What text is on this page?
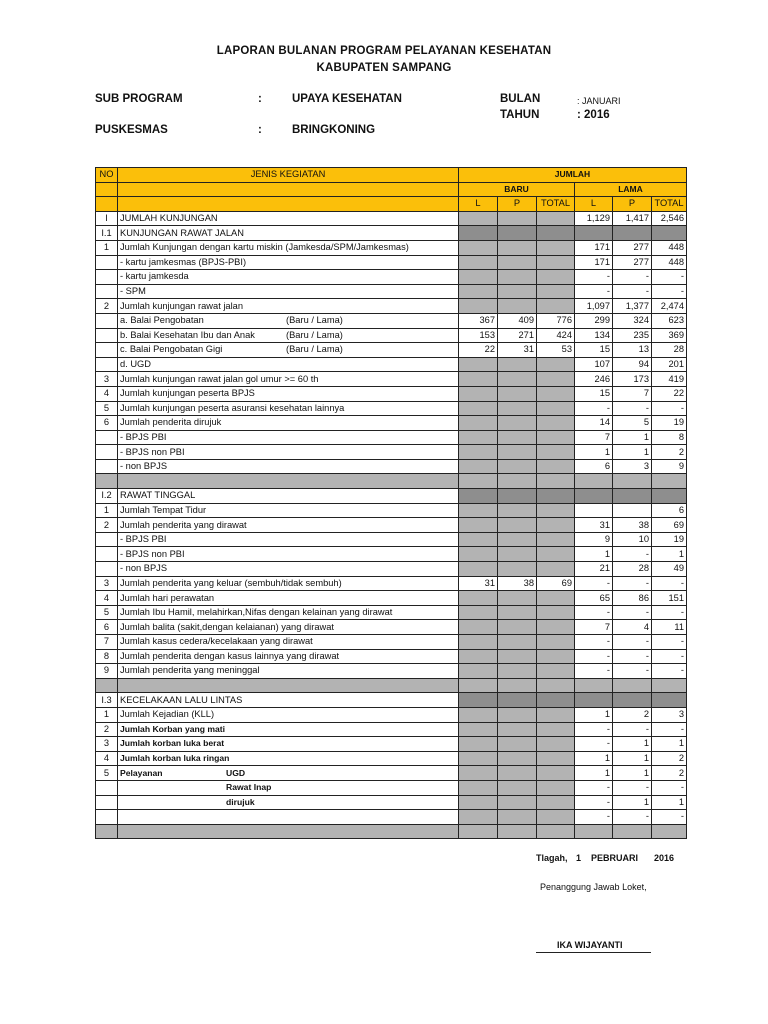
LAPORAN BULANAN PROGRAM PELAYANAN KESEHATAN
KABUPATEN SAMPANG
SUB PROGRAM	:	UPAYA KESEHATAN	BULAN	: JANUARI
TAHUN	: 2016
PUSKESMAS	:	BRINGKONING
NO	JENIS KEGIATAN	JUMLAH					
		BARU			LAMA		
		L	P	TOTAL	L	P	TOTAL
I	JUMLAH KUNJUNGAN				1,129	1,417	2,546
I.1	KUNJUNGAN RAWAT JALAN						
1	Jumlah Kunjungan dengan kartu miskin (Jamkesda/SPM/Jamkesmas)				171	277	448
	- kartu jamkesmas (BPJS-PBI)				171	277	448
	- kartu jamkesda				-	-	-
	- SPM				-	-	-
2	Jumlah kunjungan rawat jalan				1,097	1,377	2,474

	a. Balai Pengobatan (Baru / Lama)	367	409	776	299	324	623

	b. Balai Kesehatan Ibu dan Anak (Baru / Lama)	153	271	424	134	235	369

	c. Balai Pengobatan Gigi (Baru / Lama)	22	31	53	15	13	28
	d. UGD				107	94	201
3	Jumlah kunjungan rawat jalan gol umur >= 60 th				246	173	419
4	Jumlah kunjungan peserta BPJS				15	7	22
5	Jumlah kunjungan peserta asuransi kesehatan lainnya				-	-	-
6	Jumlah penderita dirujuk				14	5	19
	- BPJS PBI				7	1	8
	- BPJS non PBI				1	1	2
	- non BPJS				6	3	9

I.2	RAWAT TINGGAL						
1	Jumlah Tempat Tidur						6
2	Jumlah penderita yang dirawat				31	38	69
	- BPJS PBI				9	10	19
	- BPJS non PBI				1	-	1
	- non BPJS				21	28	49
3	Jumlah penderita yang keluar (sembuh/tidak sembuh)	31	38	69	-	-	-
4	Jumlah hari perawatan				65	86	151
5	Jumlah Ibu Hamil, melahirkan,Nifas dengan kelainan yang dirawat				-	-	-
6	Jumlah balita (sakit,dengan kelaianan) yang dirawat				7	4	11
7	Jumlah kasus cedera/kecelakaan yang dirawat				-	-	-
8	Jumlah penderita dengan kasus lainnya yang dirawat				-	-	-
9	Jumlah penderita yang meninggal				-	-	-

I.3	KECELAKAAN LALU LINTAS						
1	Jumlah Kejadian (KLL)				1	2	3
2	Jumlah Korban yang mati				-	-	-
3	Jumlah korban luka berat				-	1	1
4	Jumlah korban luka ringan				1	1	2
5	Pelayanan UGD				1	1	2

	Rawat Inap				-	-	-

	dirujuk				-	1	1
					-	-	-

Tlagah, 1 PEBRUARI 2016
Penanggung Jawab Loket,
IKA WIJAYANTI
